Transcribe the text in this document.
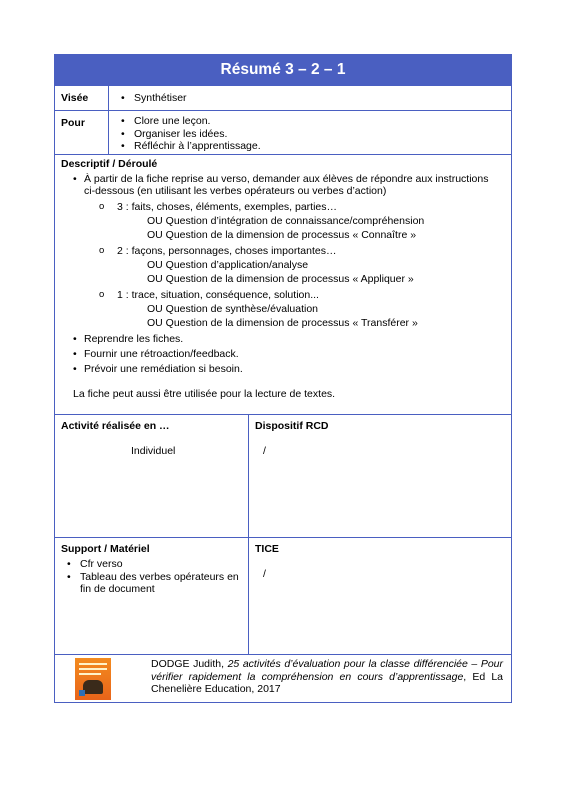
Résumé 3 – 2 – 1
Visée	• Synthétiser
Pour	• Clore une leçon.
• Organiser les idées.
• Réfléchir à l’apprentissage.
Descriptif / Déroulé
• À partir de la fiche reprise au verso, demander aux élèves de répondre aux instructions
ci-dessous (en utilisant les verbes opérateurs ou verbes d’action)
o 3 : faits, choses, éléments, exemples, parties…
OU Question d’intégration de connaissance/compréhension
OU Question de la dimension de processus « Connaître »
o 2 : façons, personnages, choses importantes…
OU Question d’application/analyse
OU Question de la dimension de processus « Appliquer »
o 1 : trace, situation, conséquence, solution...
OU Question de synthèse/évaluation
OU Question de la dimension de processus « Transférer »
• Reprendre les fiches.
• Fournir une rétroaction/feedback.
• Prévoir une remédiation si besoin.
La fiche peut aussi être utilisée pour la lecture de textes.
Activité réalisée en …
Individuel
Dispositif RCD
/
Support / Matériel
• Cfr verso
• Tableau des verbes opérateurs en fin de document
TICE
/
DODGE Judith, 25 activités d’évaluation pour la classe différenciée – Pour vérifier rapidement la compréhension en cours d’apprentissage, Ed La Chenelière Education, 2017
